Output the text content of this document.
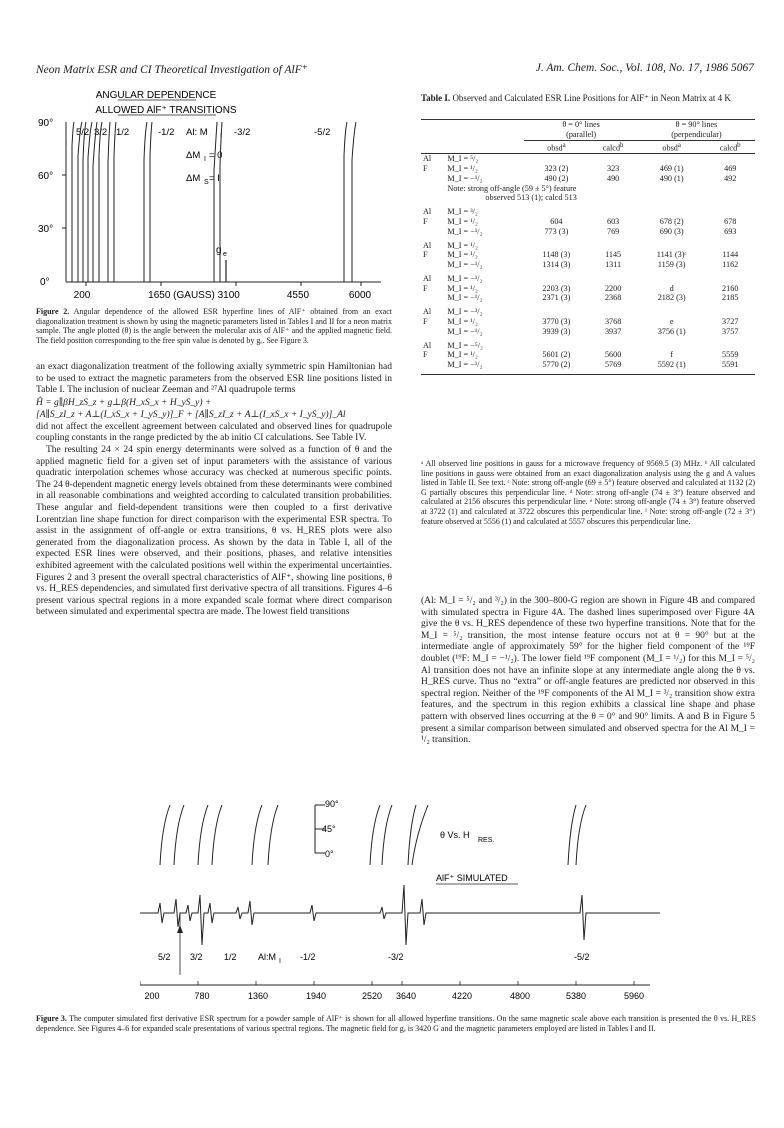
Neon Matrix ESR and CI Theoretical Investigation of AlF⁺	J. Am. Chem. Soc., Vol. 108, No. 17, 1986 5067
ANGULAR DEPENDENCE
ALLOWED AlF⁺ TRANSITIONS
90°
60°
30°
0°
200	1650 (GAUSS) 3100	4550	6000
5/2 3/2 1/2	-1/2 Al: M I -3/2	-5/2
ΔM I = 0
ΔM S = I
g e
Figure 2. Angular dependence of the allowed ESR hyperfine lines of AlF⁺ obtained from an exact diagonalization treatment is shown by using the magnetic parameters listed in Tables I and II for a neon matrix sample. The angle plotted (θ) is the angle between the molecular axis of AlF⁺ and the applied magnetic field. The field position corresponding to the free spin value is denoted by gₑ. See Figure 3.

an exact diagonalization treatment of the following axially symmetric spin Hamiltonian had to be used to extract the magnetic parameters from the observed ESR line positions listed in Table I. The inclusion of nuclear Zeeman and ²⁷Al quadrupole terms

Ĥ = g∥βH_zS_z + g⊥β(H_xS_x + H_yS_y) +
[A∥S_zI_z + A⊥(I_xS_x + I_yS_y)]_F + [A∥S_zI_z + A⊥(I_xS_x + I_yS_y)]_Al

did not affect the excellent agreement between calculated and observed lines for quadrupole coupling constants in the range predicted by the ab initio CI calculations. See Table IV.

The resulting 24 × 24 spin energy determinants were solved as a function of θ and the applied magnetic field for a given set of input parameters with the assistance of various quadratic interpolation schemes whose accuracy was checked at numerous specific points. The 24 θ-dependent magnetic energy levels obtained from these determinants were combined in all reasonable combinations and weighted according to calculated transition probabilities. These angular and field-dependent transitions were then coupled to a first derivative Lorentzian line shape function for direct comparison with the experimental ESR spectra. To assist in the assignment of off-angle or extra transitions, θ vs. H_RES plots were also generated from the diagonalization process. As shown by the data in Table I, all of the expected ESR lines were observed, and their positions, phases, and relative intensities exhibited agreement with the calculated positions well within the experimental uncertainties. Figures 2 and 3 present the overall spectral characteristics of AlF⁺, showing line positions, θ vs. H_RES dependencies, and simulated first derivative spectra of all transitions. Figures 4–6 present various spectral regions in a more expanded scale format where direct comparison between simulated and experimental spectra are made. The lowest field transitions

Table I. Observed and Calculated ESR Line Positions for AlF⁺ in Neon Matrix at 4 K
		θ = 0° lines		θ = 90° lines	
		(parallel)		(perpendicular)	
		obsd$^a$	calcd$^b$	obsd$^a$	calcd$^b$
Al	M_I = ⁵/₂				
F	M_I = ¹/₂	323 (2)	323	469 (1)	469
	M_I = −¹/₂	490 (2)	490	490 (1)	492
	Note: strong off-angle (59 ± 5°) feature				
	observed 513 (1); calcd 513				

Al	M_I = ³/₂				
F	M_I = ¹/₂	604	603	678 (2)	678
	M_I = −¹/₂	773 (3)	769	690 (3)	693

Al	M_I = ¹/₂				
F	M_I = ¹/₂	1148 (3)	1145	1141 (3)ᶜ	1144
	M_I = −¹/₂	1314 (3)	1311	1159 (3)	1162

Al	M_I = −¹/₂				
F	M_I = ¹/₂	2203 (3)	2200	d	2160
	M_I = −¹/₂	2371 (3)	2368	2182 (3)	2185

Al	M_I = −³/₂				
F	M_I = ¹/₂	3770 (3)	3768	e	3727
	M_I = −¹/₂	3939 (3)	3937	3756 (1)	3757

Al	M_I = −⁵/₂				
F	M_I = ¹/₂	5601 (2)	5600	f	5559
	M_I = −¹/₂	5770 (2)	5769	5592 (1)	5591

ᵃ All observed line positions in gauss for a microwave frequency of 9569.5 (3) MHz. ᵇ All calculated line positions in gauss were obtained from an exact diagonalization analysis using the g and A values listed in Table II. See text. ᶜ Note: strong off-angle (69 ± 5°) feature observed and calculated at 1132 (2) G partially obscures this perpendicular line. ᵈ Note: strong off-angle (74 ± 3°) feature observed and calculated at 2156 obscures this perpendicular line. ᵉ Note: strong off-angle (74 ± 3°) feature observed at 3722 (1) and calculated at 3722 obscures this perpendicular line. ᶠ Note: strong off-angle (72 ± 3°) feature observed at 5556 (1) and calculated at 5557 obscures this perpendicular line.

(Al: M_I = ⁵/₂ and ³/₂) in the 300–800-G region are shown in Figure 4B and compared with simulated spectra in Figure 4A. The dashed lines superimposed over Figure 4A give the θ vs. H_RES dependence of these two hyperfine transitions. Note that for the M_I = ⁵/₂ transition, the most intense feature occurs not at θ = 90° but at the intermediate angle of approximately 59° for the higher field component of the ¹⁹F doublet (¹⁹F: M_I = −¹/₂). The lower field ¹⁹F component (M_I = ¹/₂) for this M_I = ⁵/₂ Al transition does not have an infinite slope at any intermediate angle along the θ vs. H_RES curve. Thus no “extra” or off-angle features are predicted nor observed in this spectral region. Neither of the ¹⁹F components of the Al M_I = ³/₂ transition show extra features, and the spectrum in this region exhibits a classical line shape and phase pattern with observed lines occurring at the θ = 0° and 90° limits. A and B in Figure 5 present a similar comparison between simulated and observed spectra for the Al M_I = ¹/₂ transition.

90°
45°
0°
θ Vs. H
RES.
AlF⁺ SIMULATED
5/2 3/2 1/2 Al:M I -1/2	-3/2	-5/2
200	780	1360	1940	2520 3640	4220	4800	5380	5960
Figure 3. The computer simulated first derivative ESR spectrum for a powder sample of AlF⁺ is shown for all allowed hyperfine transitions. On the same magnetic scale above each transition is presented the θ vs. H_RES dependence. See Figures 4–6 for expanded scale presentations of various spectral regions. The magnetic field for gₑ is 3420 G and the magnetic parameters employed are listed in Tables I and II.
